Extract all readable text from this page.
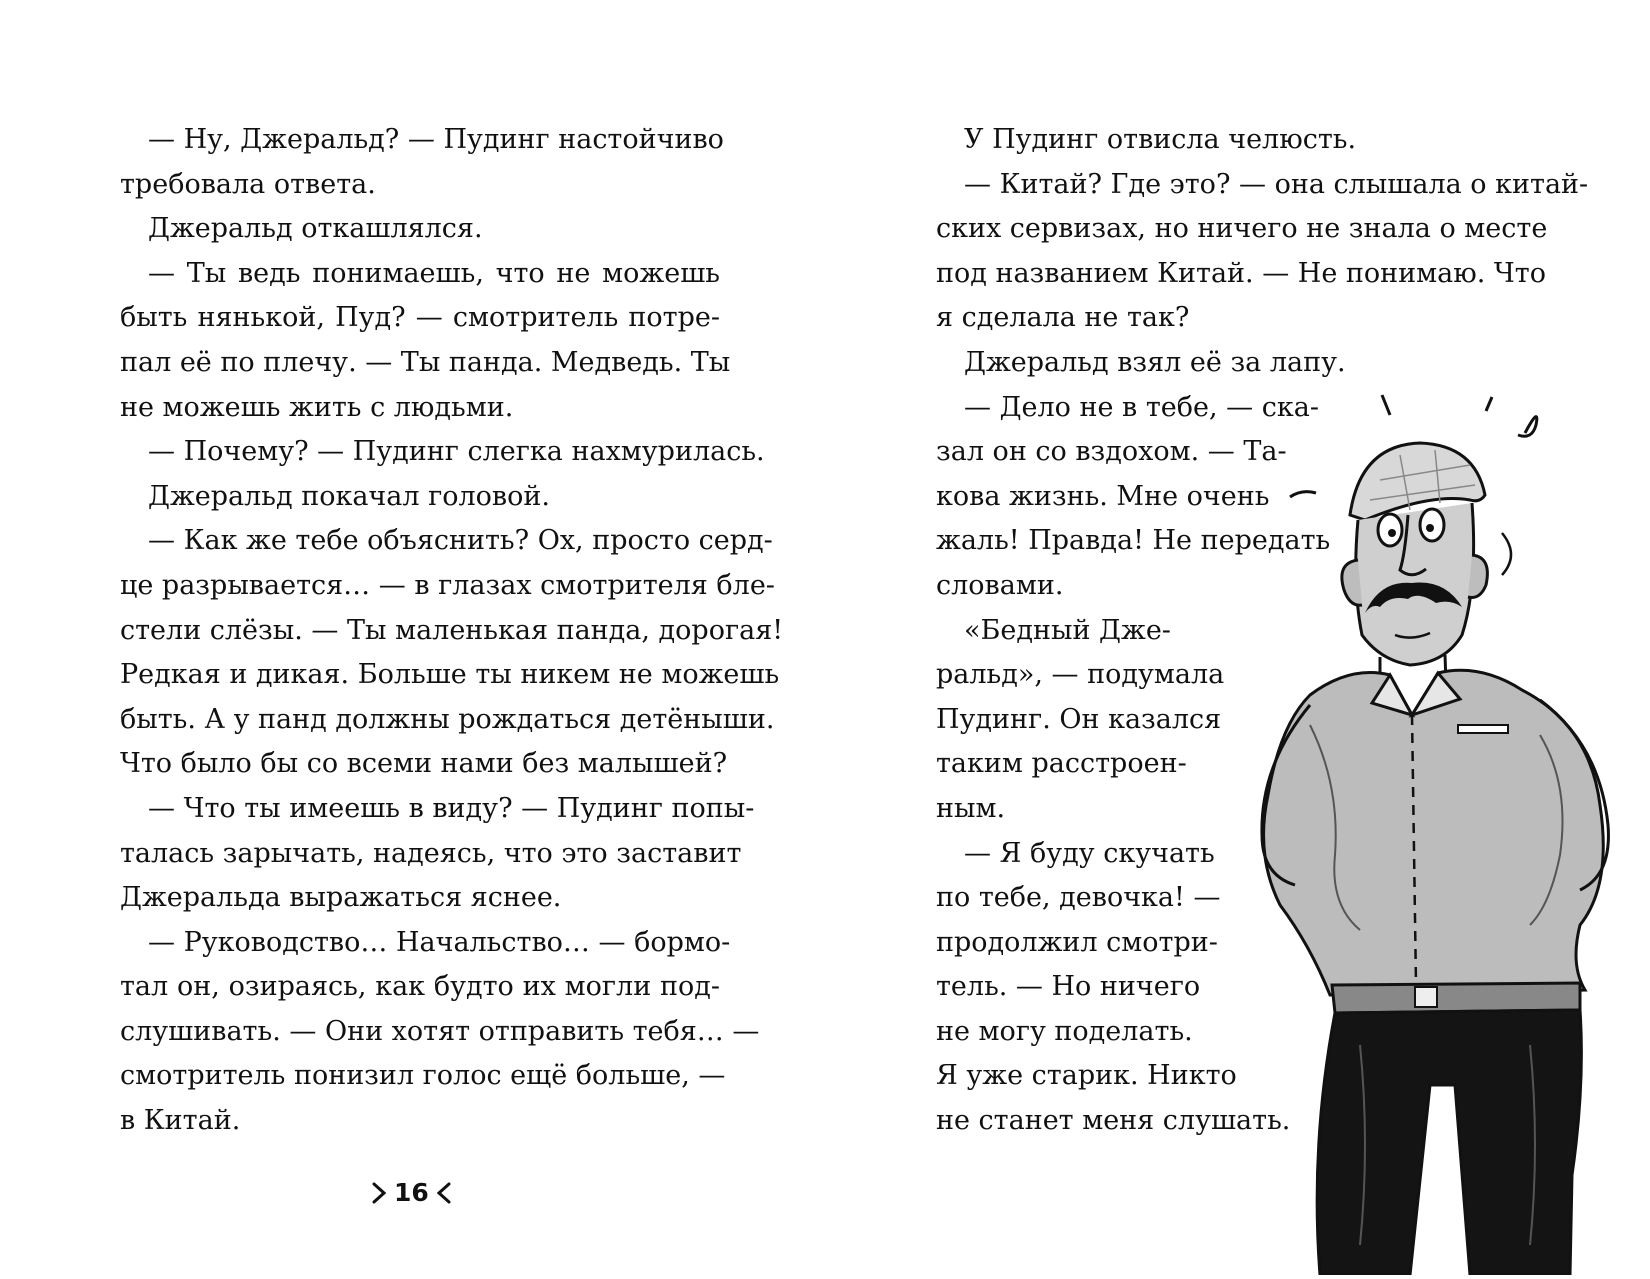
— Ну, Джеральд? — Пудинг настойчиво
требовала ответа.
Джеральд откашлялся.
— Ты ведь понимаешь, что не можешь
быть нянькой, Пуд? — смотритель потре-
пал её по плечу. — Ты панда. Медведь. Ты
не можешь жить с людьми.
— Почему? — Пудинг слегка нахмурилась.
Джеральд покачал головой.
— Как же тебе объяснить? Ох, просто серд-
це разрывается… — в глазах смотрителя бле-
стели слёзы. — Ты маленькая панда, дорогая!
Редкая и дикая. Больше ты никем не можешь
быть. А у панд должны рождаться детёныши.
Что было бы со всеми нами без малышей?
— Что ты имеешь в виду? — Пудинг попы-
талась зарычать, надеясь, что это заставит
Джеральда выражаться яснее.
— Руководство… Начальство… — бормо-
тал он, озираясь, как будто их могли под-
слушивать. — Они хотят отправить тебя… —
смотритель понизил голос ещё больше, —
в Китай.
16
У Пудинг отвисла челюсть.
— Китай? Где это? — она слышала о китай-
ских сервизах, но ничего не знала о месте
под названием Китай. — Не понимаю. Что
я сделала не так?
Джеральд взял её за лапу.
— Дело не в тебе, — ска-
зал он со вздохом. — Та-
кова жизнь. Мне очень
жаль! Правда! Не передать
словами.
«Бедный Дже-
ральд», — подумала
Пудинг. Он казался
таким расстроен-
ным.
— Я буду скучать
по тебе, девочка! —
продолжил смотри-
тель. — Но ничего
не могу поделать.
Я уже старик. Никто
не станет меня слушать.
